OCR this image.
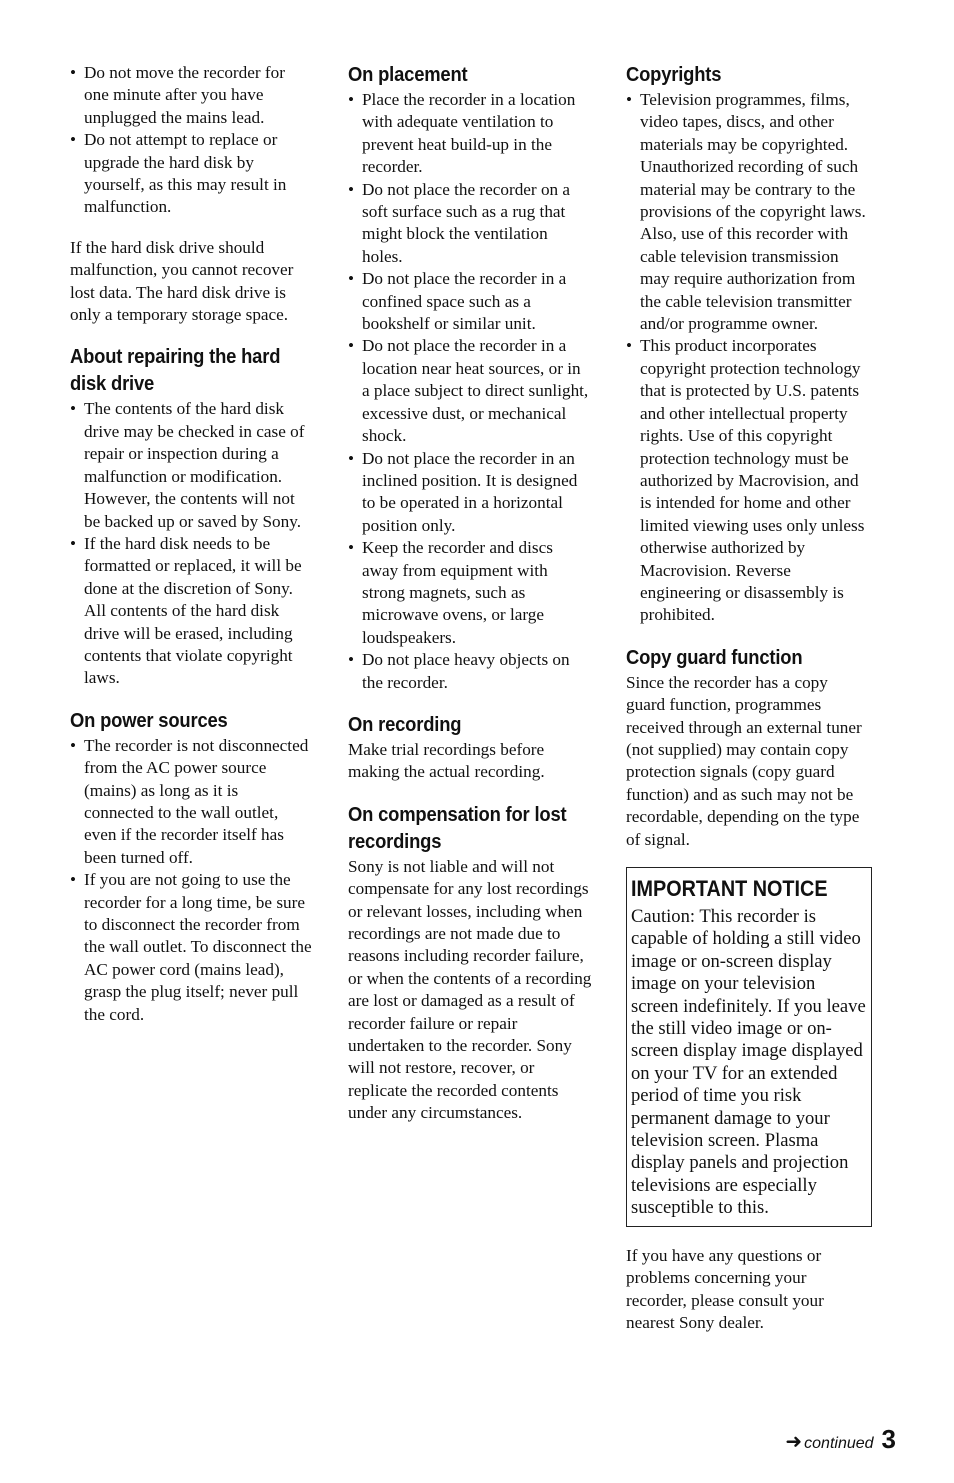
• Do not move the recorder for one minute after you have unplugged the mains lead.
• Do not attempt to replace or upgrade the hard disk by yourself, as this may result in malfunction.

If the hard disk drive should malfunction, you cannot recover lost data. The hard disk drive is only a temporary storage space.

About repairing the hard disk drive
• The contents of the hard disk drive may be checked in case of repair or inspection during a malfunction or modification. However, the contents will not be backed up or saved by Sony.
• If the hard disk needs to be formatted or replaced, it will be done at the discretion of Sony. All contents of the hard disk drive will be erased, including contents that violate copyright laws.
On power sources
• The recorder is not disconnected from the AC power source (mains) as long as it is connected to the wall outlet, even if the recorder itself has been turned off.
• If you are not going to use the recorder for a long time, be sure to disconnect the recorder from the wall outlet. To disconnect the AC power cord (mains lead), grasp the plug itself; never pull the cord.
On placement
• Place the recorder in a location with adequate ventilation to prevent heat build-up in the recorder.
• Do not place the recorder on a soft surface such as a rug that might block the ventilation holes.
• Do not place the recorder in a confined space such as a bookshelf or similar unit.
• Do not place the recorder in a location near heat sources, or in a place subject to direct sunlight, excessive dust, or mechanical shock.
• Do not place the recorder in an inclined position. It is designed to be operated in a horizontal position only.
• Keep the recorder and discs away from equipment with strong magnets, such as microwave ovens, or large loudspeakers.
• Do not place heavy objects on the recorder.
On recording

Make trial recordings before making the actual recording.

On compensation for lost recordings

Sony is not liable and will not compensate for any lost recordings or relevant losses, including when recordings are not made due to reasons including recorder failure, or when the contents of a recording are lost or damaged as a result of recorder failure or repair undertaken to the recorder. Sony will not restore, recover, or replicate the recorded contents under any circumstances.

Copyrights
• Television programmes, films, video tapes, discs, and other materials may be copyrighted. Unauthorized recording of such material may be contrary to the provisions of the copyright laws. Also, use of this recorder with cable television transmission may require authorization from the cable television transmitter and/or programme owner.
• This product incorporates copyright protection technology that is protected by U.S. patents and other intellectual property rights. Use of this copyright protection technology must be authorized by Macrovision, and is intended for home and other limited viewing uses only unless otherwise authorized by Macrovision. Reverse engineering or disassembly is prohibited.
Copy guard function

Since the recorder has a copy guard function, programmes received through an external tuner (not supplied) may contain copy protection signals (copy guard function) and as such may not be recordable, depending on the type of signal.

IMPORTANT NOTICE

Caution: This recorder is capable of holding a still video image or on-screen display image on your television screen indefinitely. If you leave the still video image or on-screen display image displayed on your TV for an extended period of time you risk permanent damage to your television screen. Plasma display panels and projection televisions are especially susceptible to this.

If you have any questions or problems concerning your recorder, please consult your nearest Sony dealer.

➜ continued 3
